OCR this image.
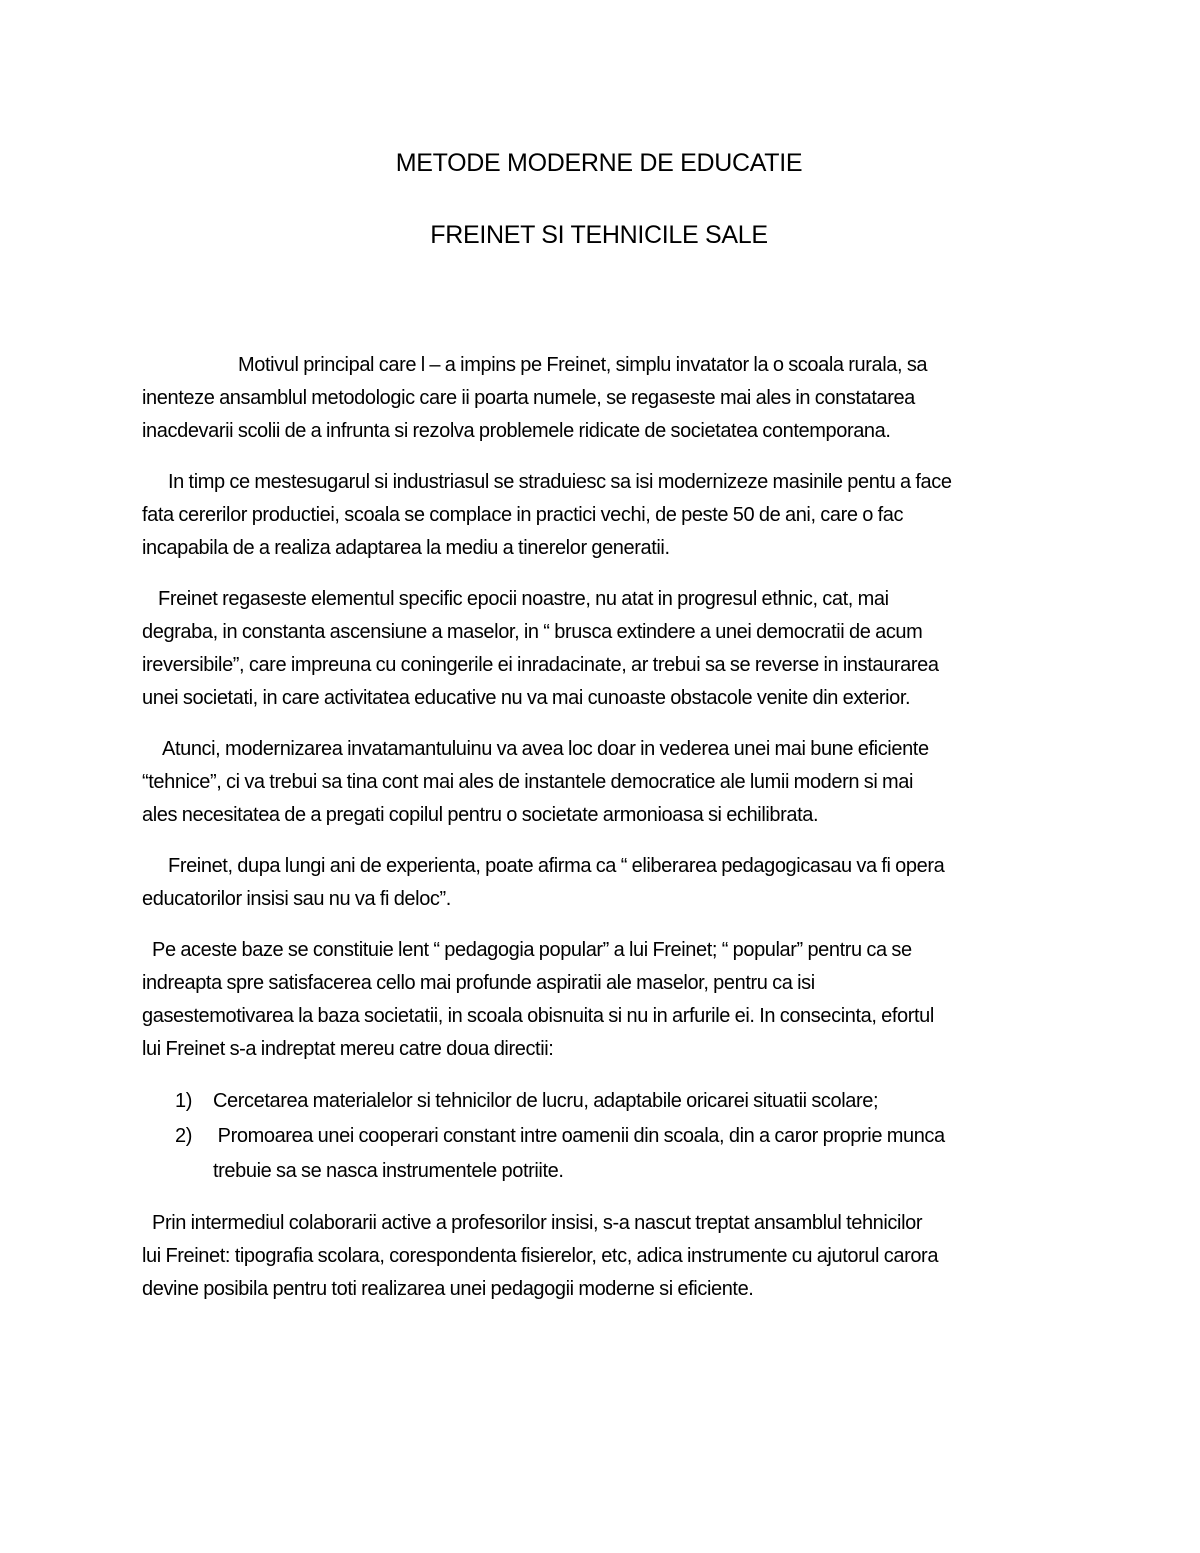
METODE MODERNE DE EDUCATIE
FREINET SI TEHNICILE SALE

Motivul principal care l – a impins pe Freinet, simplu invatator la o scoala rurala, sa
inenteze ansamblul metodologic care ii poarta numele, se regaseste mai ales in constatarea
inacdevarii scolii de a infrunta si rezolva problemele ridicate de societatea contemporana.

In timp ce mestesugarul si industriasul se straduiesc sa isi modernizeze masinile pentu a face
fata cererilor productiei, scoala se complace in practici vechi, de peste 50 de ani, care o fac
incapabila de a realiza adaptarea la mediu a tinerelor generatii.

Freinet regaseste elementul specific epocii noastre, nu atat in progresul ethnic, cat, mai
degraba, in constanta ascensiune a maselor, in “ brusca extindere a unei democratii de acum
ireversibile”, care impreuna cu coningerile ei inradacinate, ar trebui sa se reverse in instaurarea
unei societati, in care activitatea educative nu va mai cunoaste obstacole venite din exterior.

Atunci, modernizarea invatamantuluinu va avea loc doar in vederea unei mai bune eficiente
“tehnice”, ci va trebui sa tina cont mai ales de instantele democratice ale lumii modern si mai
ales necesitatea de a pregati copilul pentru o societate armonioasa si echilibrata.

Freinet, dupa lungi ani de experienta, poate afirma ca “ eliberarea pedagogicasau va fi opera
educatorilor insisi sau nu va fi deloc”.

Pe aceste baze se constituie lent “ pedagogia popular” a lui Freinet; “ popular” pentru ca se
indreapta spre satisfacerea cello mai profunde aspiratii ale maselor, pentru ca isi
gasestemotivarea la baza societatii, in scoala obisnuita si nu in arfurile ei. In consecinta, efortul
lui Freinet s-a indreptat mereu catre doua directii:

1) Cercetarea materialelor si tehnicilor de lucru, adaptabile oricarei situatii scolare;
2) Promoarea unei cooperari constant intre oamenii din scoala, din a caror proprie munca
trebuie sa se nasca instrumentele potriite.

Prin intermediul colaborarii active a profesorilor insisi, s-a nascut treptat ansamblul tehnicilor
lui Freinet: tipografia scolara, corespondenta fisierelor, etc, adica instrumente cu ajutorul carora
devine posibila pentru toti realizarea unei pedagogii moderne si eficiente.
